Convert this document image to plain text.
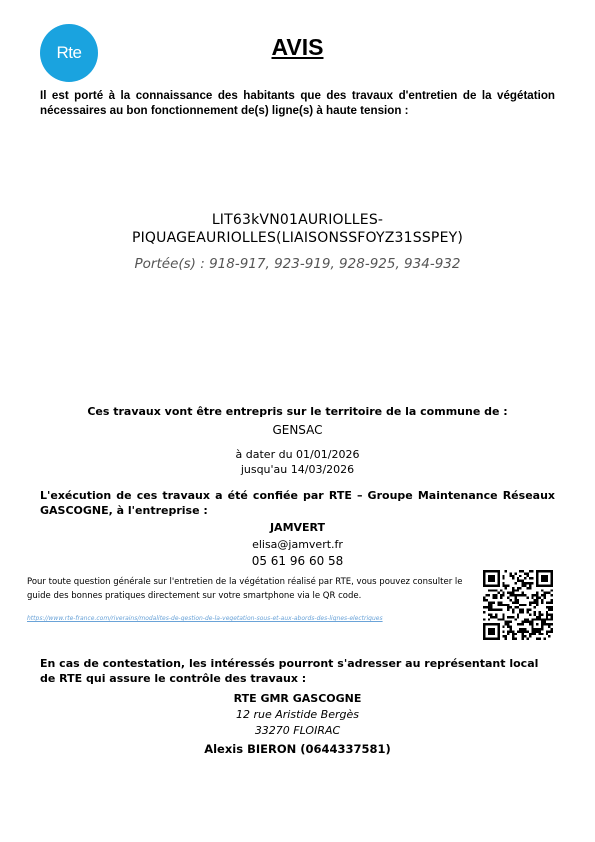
Rte	AVIS
Il est porté à la connaissance des habitants que des travaux d'entretien de la végétation nécessaires au bon fonctionnement de(s) ligne(s) à haute tension :
LIT63kVN01AURIOLLES-
PIQUAGEAURIOLLES(LIAISONSSFOYZ31SSPEY)
Portée(s) : 918-917, 923-919, 928-925, 934-932
Ces travaux vont être entrepris sur le territoire de la commune de :
GENSAC
à dater du 01/01/2026
jusqu'au 14/03/2026
L'exécution de ces travaux a été confiée par RTE – Groupe Maintenance Réseaux GASCOGNE, à l'entreprise :
JAMVERT
elisa@jamvert.fr
05 61 96 60 58
Pour toute question générale sur l'entretien de la végétation réalisé par RTE, vous pouvez consulter le guide des bonnes pratiques directement sur votre smartphone via le QR code.
https://www.rte-france.com/riverains/modalites-de-gestion-de-la-vegetation-sous-et-aux-abords-des-lignes-electriques
En cas de contestation, les intéressés pourront s'adresser au représentant local de RTE qui assure le contrôle des travaux :
RTE GMR GASCOGNE
12 rue Aristide Bergès
33270 FLOIRAC
Alexis BIERON (0644337581)
